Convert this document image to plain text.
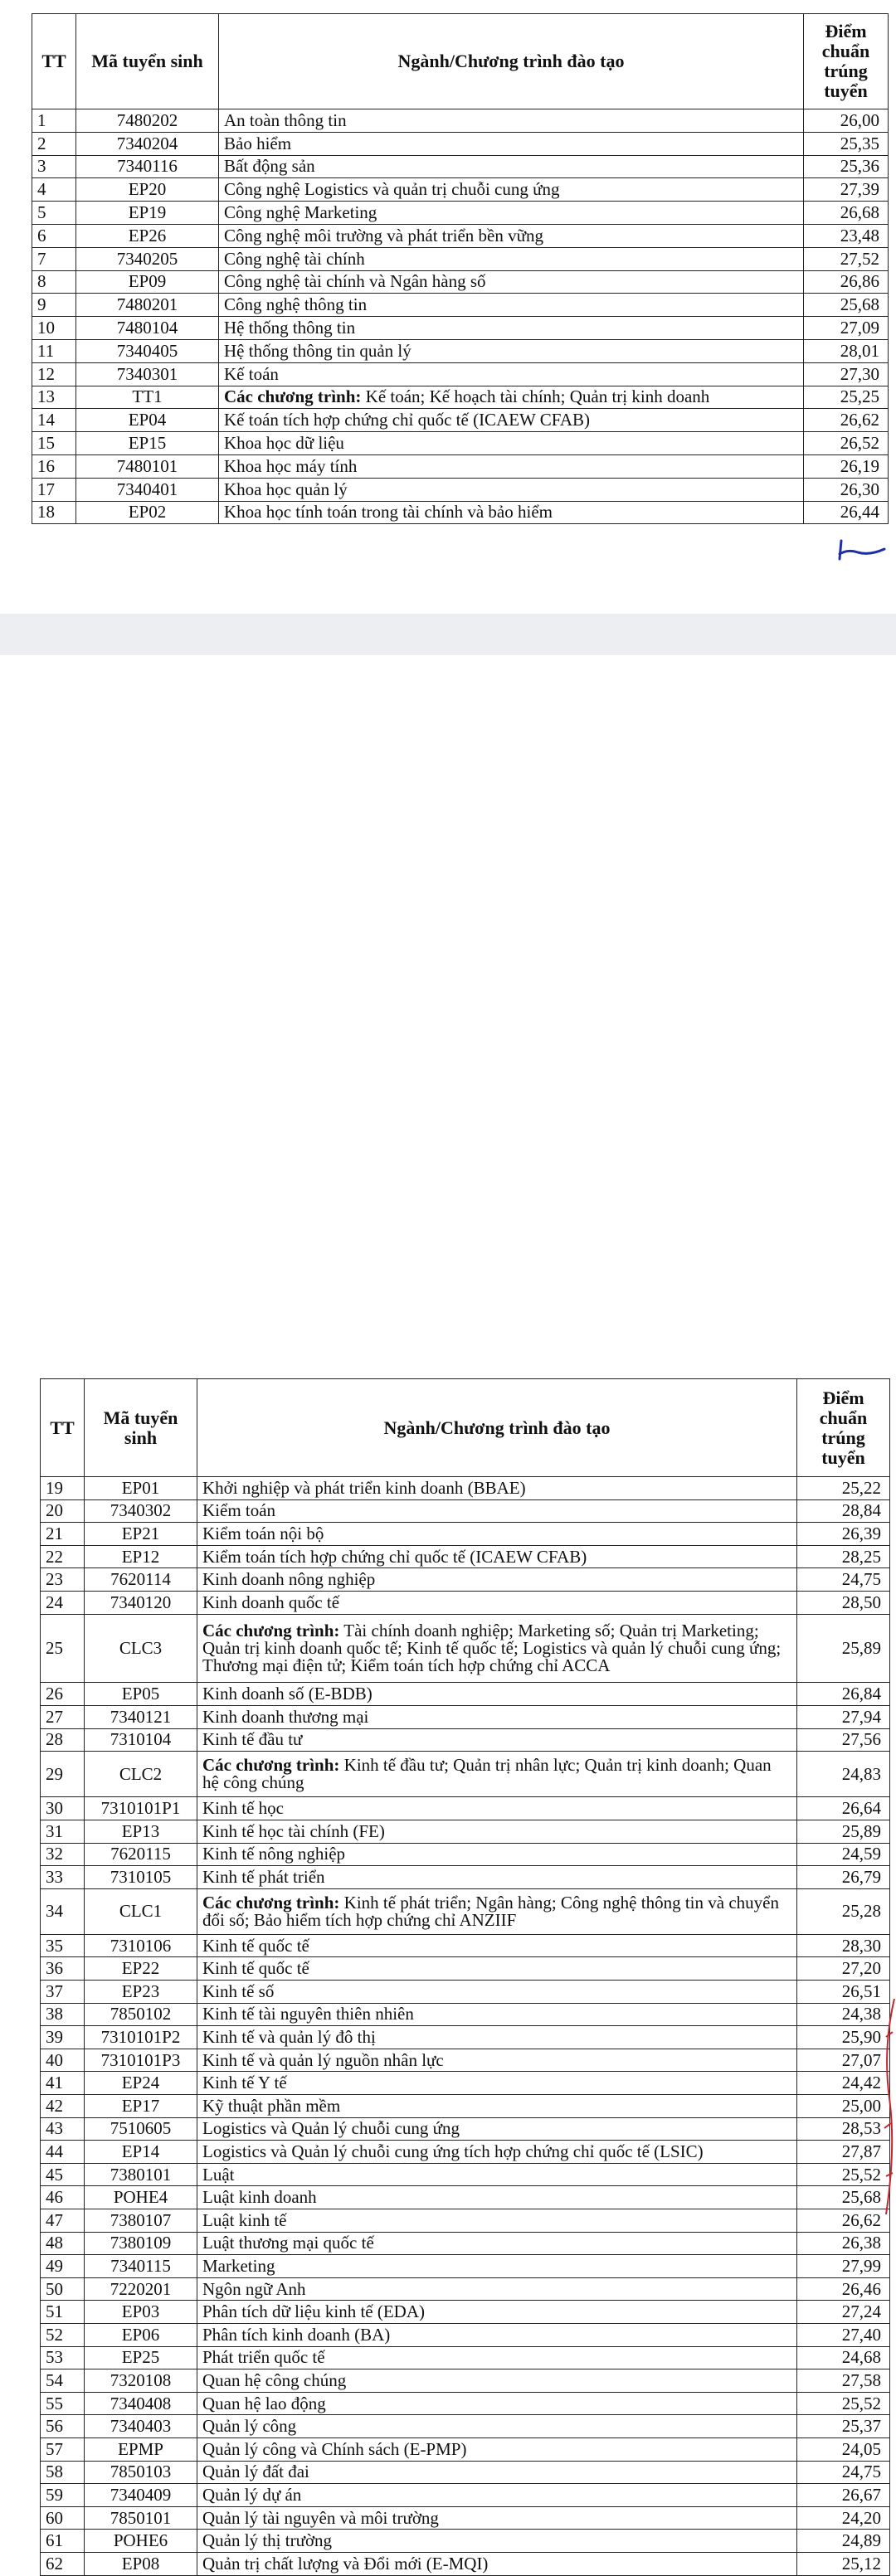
TT	Mã tuyển sinh	Ngành/Chương trình đào tạo	Điểm chuẩn trúng tuyển
1	7480202	An toàn thông tin	26,00
2	7340204	Bảo hiểm	25,35
3	7340116	Bất động sản	25,36
4	EP20	Công nghệ Logistics và quản trị chuỗi cung ứng	27,39
5	EP19	Công nghệ Marketing	26,68
6	EP26	Công nghệ môi trường và phát triển bền vững	23,48
7	7340205	Công nghệ tài chính	27,52
8	EP09	Công nghệ tài chính và Ngân hàng số	26,86
9	7480201	Công nghệ thông tin	25,68
10	7480104	Hệ thống thông tin	27,09
11	7340405	Hệ thống thông tin quản lý	28,01
12	7340301	Kế toán	27,30
13	TT1	Các chương trình: Kế toán; Kế hoạch tài chính; Quản trị kinh doanh	25,25
14	EP04	Kế toán tích hợp chứng chỉ quốc tế (ICAEW CFAB)	26,62
15	EP15	Khoa học dữ liệu	26,52
16	7480101	Khoa học máy tính	26,19
17	7340401	Khoa học quản lý	26,30
18	EP02	Khoa học tính toán trong tài chính và bảo hiểm	26,44
TT	Mã tuyển sinh	Ngành/Chương trình đào tạo	Điểm chuẩn trúng tuyển
19	EP01	Khởi nghiệp và phát triển kinh doanh (BBAE)	25,22
20	7340302	Kiểm toán	28,84
21	EP21	Kiểm toán nội bộ	26,39
22	EP12	Kiểm toán tích hợp chứng chỉ quốc tế (ICAEW CFAB)	28,25
23	7620114	Kinh doanh nông nghiệp	24,75
24	7340120	Kinh doanh quốc tế	28,50
25	CLC3	Các chương trình: Tài chính doanh nghiệp; Marketing số; Quản trị Marketing; Quản trị kinh doanh quốc tế; Kinh tế quốc tế; Logistics và quản lý chuỗi cung ứng; Thương mại điện tử; Kiểm toán tích hợp chứng chỉ ACCA	25,89
26	EP05	Kinh doanh số (E-BDB)	26,84
27	7340121	Kinh doanh thương mại	27,94
28	7310104	Kinh tế đầu tư	27,56
29	CLC2	Các chương trình: Kinh tế đầu tư; Quản trị nhân lực; Quản trị kinh doanh; Quan hệ công chúng	24,83
30	7310101P1	Kinh tế học	26,64
31	EP13	Kinh tế học tài chính (FE)	25,89
32	7620115	Kinh tế nông nghiệp	24,59
33	7310105	Kinh tế phát triển	26,79
34	CLC1	Các chương trình: Kinh tế phát triển; Ngân hàng; Công nghệ thông tin và chuyển đổi số; Bảo hiểm tích hợp chứng chỉ ANZIIF	25,28
35	7310106	Kinh tế quốc tế	28,30
36	EP22	Kinh tế quốc tế	27,20
37	EP23	Kinh tế số	26,51
38	7850102	Kinh tế tài nguyên thiên nhiên	24,38
39	7310101P2	Kinh tế và quản lý đô thị	25,90
40	7310101P3	Kinh tế và quản lý nguồn nhân lực	27,07
41	EP24	Kinh tế Y tế	24,42
42	EP17	Kỹ thuật phần mềm	25,00
43	7510605	Logistics và Quản lý chuỗi cung ứng	28,53
44	EP14	Logistics và Quản lý chuỗi cung ứng tích hợp chứng chỉ quốc tế (LSIC)	27,87
45	7380101	Luật	25,52
46	POHE4	Luật kinh doanh	25,68
47	7380107	Luật kinh tế	26,62
48	7380109	Luật thương mại quốc tế	26,38
49	7340115	Marketing	27,99
50	7220201	Ngôn ngữ Anh	26,46
51	EP03	Phân tích dữ liệu kinh tế (EDA)	27,24
52	EP06	Phân tích kinh doanh (BA)	27,40
53	EP25	Phát triển quốc tế	24,68
54	7320108	Quan hệ công chúng	27,58
55	7340408	Quan hệ lao động	25,52
56	7340403	Quản lý công	25,37
57	EPMP	Quản lý công và Chính sách (E-PMP)	24,05
58	7850103	Quản lý đất đai	24,75
59	7340409	Quản lý dự án	26,67
60	7850101	Quản lý tài nguyên và môi trường	24,20
61	POHE6	Quản lý thị trường	24,89
62	EP08	Quản trị chất lượng và Đổi mới (E-MQI)	25,12
